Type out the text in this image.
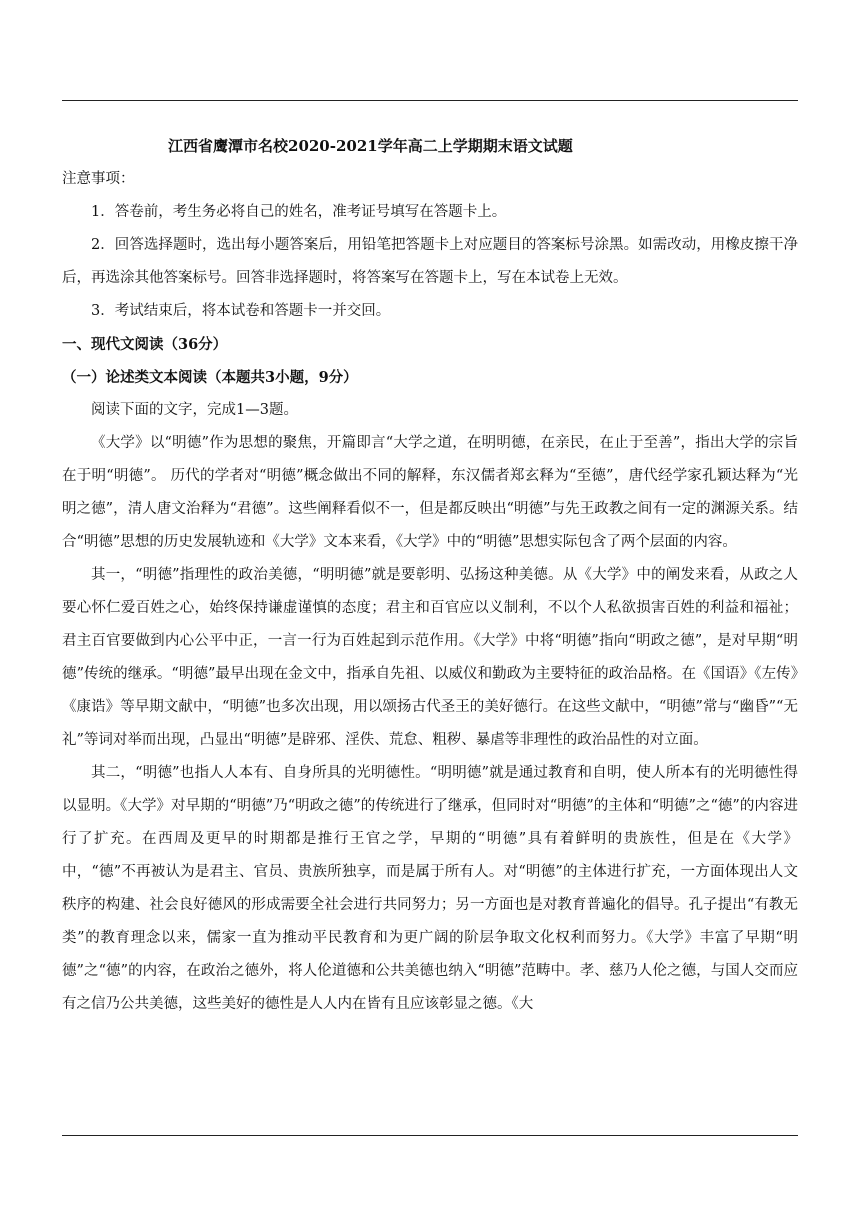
江西省鹰潭市名校2020-2021学年高二上学期期末语文试题

注意事项：

1．答卷前，考生务必将自己的姓名，准考证号填写在答题卡上。

2．回答选择题时，选出每小题答案后，用铅笔把答题卡上对应题目的答案标号涂黑。如需改动，用橡皮擦干净后，再选涂其他答案标号。回答非选择题时，将答案写在答题卡上，写在本试卷上无效。

3．考试结束后，将本试卷和答题卡一并交回。

一、现代文阅读（36分）

（一）论述类文本阅读（本题共3小题，9分）

阅读下面的文字，完成1—3题。

《大学》以“明德”作为思想的聚焦，开篇即言“大学之道，在明明德，在亲民，在止于至善”，指出大学的宗旨在于明“明德”。 历代的学者对“明德”概念做出不同的解释，东汉儒者郑玄释为“至德”，唐代经学家孔颖达释为“光明之德”，清人唐文治释为“君德”。这些阐释看似不一，但是都反映出“明德”与先王政教之间有一定的渊源关系。结合“明德”思想的历史发展轨迹和《大学》文本来看，《大学》中的“明德”思想实际包含了两个层面的内容。

其一，“明德”指理性的政治美德，“明明德”就是要彰明、弘扬这种美德。从《大学》中的阐发来看，从政之人要心怀仁爱百姓之心，始终保持谦虚谨慎的态度；君主和百官应以义制利，不以个人私欲损害百姓的利益和福祉；君主百官要做到内心公平中正，一言一行为百姓起到示范作用。《大学》中将“明德”指向“明政之德”，是对早期“明德”传统的继承。“明德”最早出现在金文中，指承自先祖、以威仪和勤政为主要特征的政治品格。在《国语》《左传》《康诰》等早期文献中，“明德”也多次出现，用以颂扬古代圣王的美好德行。在这些文献中，“明德”常与“幽昏”“无礼”等词对举而出现，凸显出“明德”是辟邪、淫佚、荒怠、粗秽、暴虐等非理性的政治品性的对立面。

其二，“明德”也指人人本有、自身所具的光明德性。“明明德”就是通过教育和自明，使人所本有的光明德性得以显明。《大学》对早期的“明德”乃“明政之德”的传统进行了继承，但同时对“明德”的主体和“明德”之“德”的内容进行了扩充。在西周及更早的时期都是推行王官之学，早期的“明德”具有着鲜明的贵族性，但是在《大学》中，“德”不再被认为是君主、官员、贵族所独享，而是属于所有人。对“明德”的主体进行扩充，一方面体现出人文秩序的构建、社会良好德风的形成需要全社会进行共同努力；另一方面也是对教育普遍化的倡导。孔子提出“有教无类”的教育理念以来，儒家一直为推动平民教育和为更广阔的阶层争取文化权利而努力。《大学》丰富了早期“明德”之“德”的内容，在政治之德外，将人伦道德和公共美德也纳入“明德”范畴中。孝、慈乃人伦之德，与国人交而应有之信乃公共美德，这些美好的德性是人人内在皆有且应该彰显之德。《大
